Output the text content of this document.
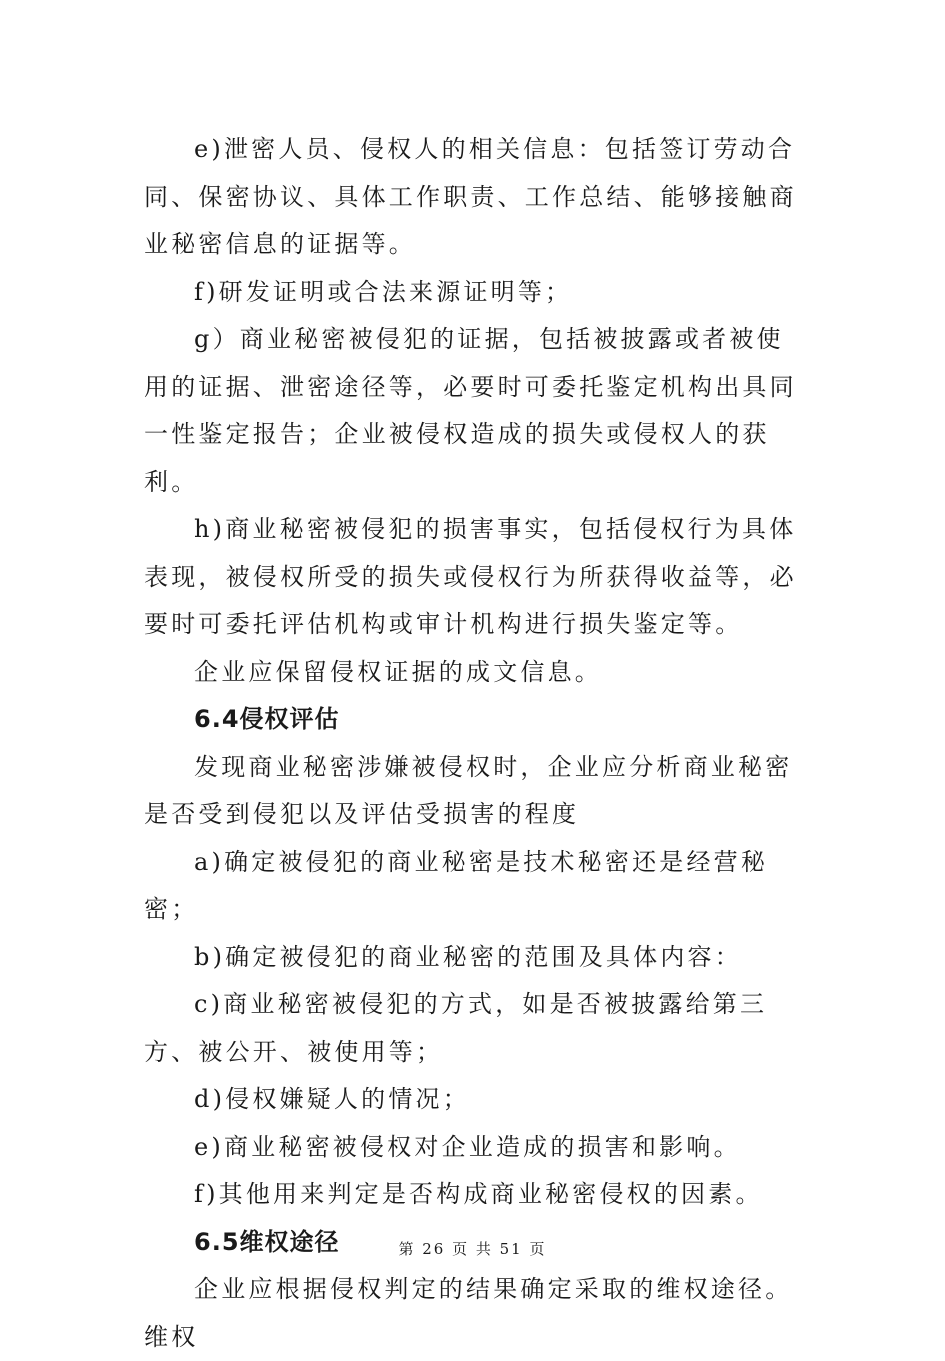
e)泄密人员、侵权人的相关信息：包括签订劳动合同、保密协议、具体工作职责、工作总结、能够接触商业秘密信息的证据等。

f)研发证明或合法来源证明等；

g）商业秘密被侵犯的证据，包括被披露或者被使用的证据、泄密途径等，必要时可委托鉴定机构出具同一性鉴定报告；企业被侵权造成的损失或侵权人的获利。

h)商业秘密被侵犯的损害事实，包括侵权行为具体表现，被侵权所受的损失或侵权行为所获得收益等，必要时可委托评估机构或审计机构进行损失鉴定等。

企业应保留侵权证据的成文信息。

6.4侵权评估

发现商业秘密涉嫌被侵权时，企业应分析商业秘密是否受到侵犯以及评估受损害的程度

a)确定被侵犯的商业秘密是技术秘密还是经营秘密；

b)确定被侵犯的商业秘密的范围及具体内容：

c)商业秘密被侵犯的方式，如是否被披露给第三方、被公开、被使用等；

d)侵权嫌疑人的情况；

e)商业秘密被侵权对企业造成的损害和影响。

f)其他用来判定是否构成商业秘密侵权的因素。

6.5维权途径

企业应根据侵权判定的结果确定采取的维权途径。维权

第 26 页 共 51 页
